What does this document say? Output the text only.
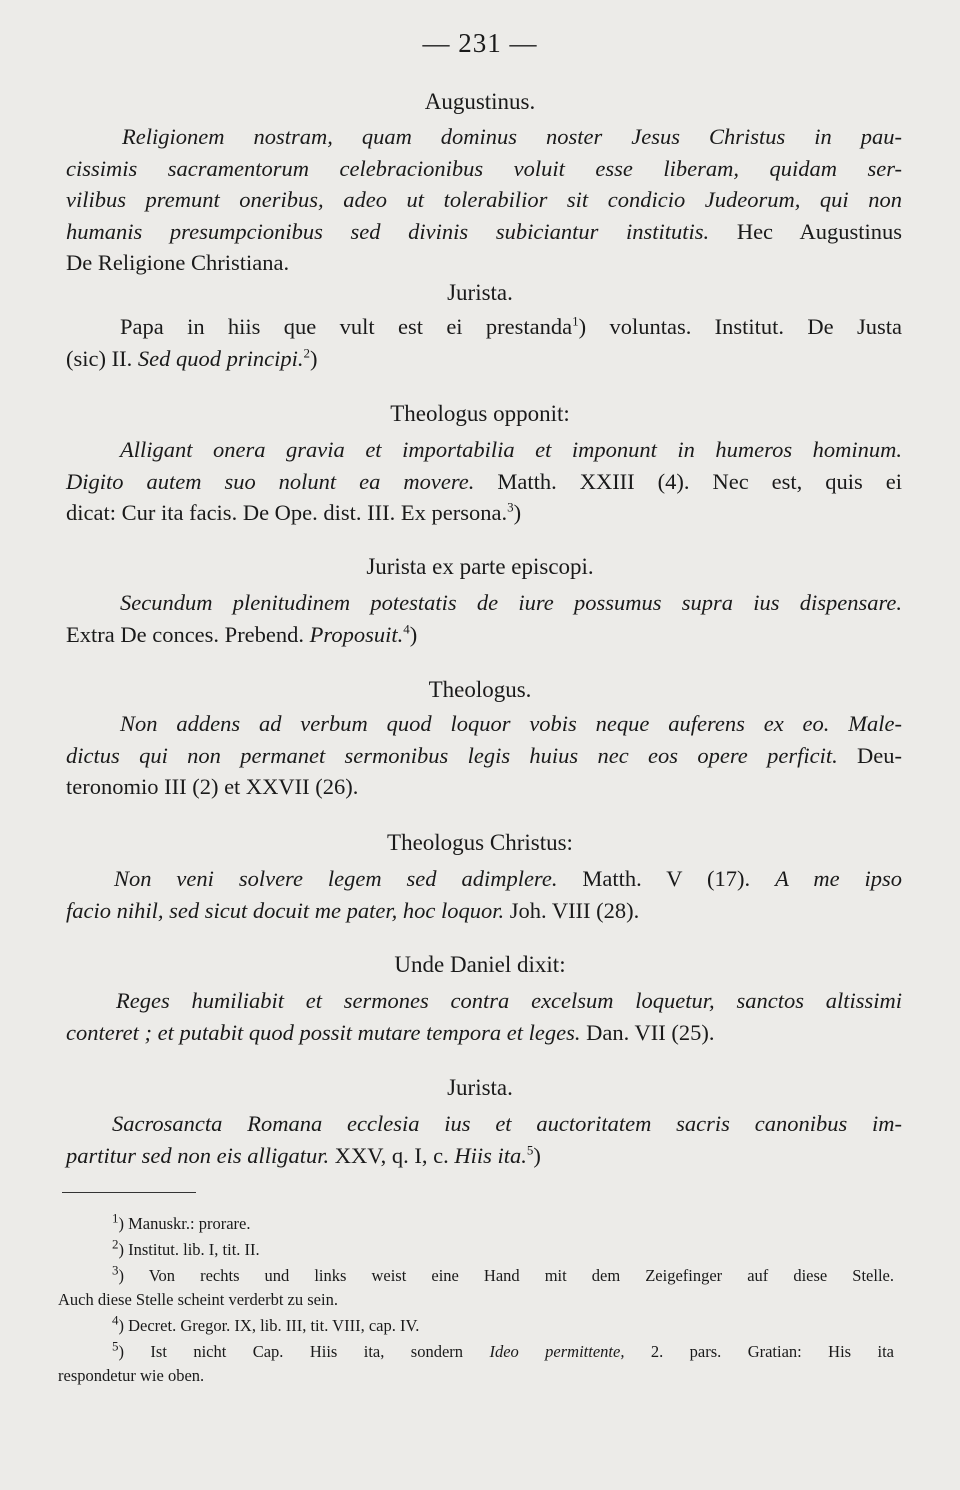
— 231 —
Augustinus.
Religionem nostram, quam dominus noster Jesus Christus in pau-
cissimis sacramentorum celebracionibus voluit esse liberam, quidam ser-
vilibus premunt oneribus, adeo ut tolerabilior sit condicio Judeorum, qui non
humanis presumpcionibus sed divinis subiciantur institutis. Hec Augustinus
De Religione Christiana.
Jurista.
Papa in hiis que vult est ei prestanda$^1$) voluntas. Institut. De Justa
(sic) II. Sed quod principi.$^2$)
Theologus opponit:
Alligant onera gravia et importabilia et imponunt in humeros hominum.
Digito autem suo nolunt ea movere. Matth. XXIII (4). Nec est, quis ei
dicat: Cur ita facis. De Ope. dist. III. Ex persona.$^3$)
Jurista ex parte episcopi.
Secundum plenitudinem potestatis de iure possumus supra ius dispensare.
Extra De conces. Prebend. Proposuit.$^4$)
Theologus.
Non addens ad verbum quod loquor vobis neque auferens ex eo. Male-
dictus qui non permanet sermonibus legis huius nec eos opere perficit. Deu-
teronomio III (2) et XXVII (26).
Theologus Christus:
Non veni solvere legem sed adimplere. Matth. V (17). A me ipso
facio nihil, sed sicut docuit me pater, hoc loquor. Joh. VIII (28).
Unde Daniel dixit:
Reges humiliabit et sermones contra excelsum loquetur, sanctos altissimi
conteret ; et putabit quod possit mutare tempora et leges. Dan. VII (25).
Jurista.
Sacrosancta Romana ecclesia ius et auctoritatem sacris canonibus im-
partitur sed non eis alligatur. XXV, q. I, c. Hiis ita.$^5$)
$^1$) Manuskr.: prorare.
$^2$) Institut. lib. I, tit. II.
$^3$) Von rechts und links weist eine Hand mit dem Zeigefinger auf diese Stelle.
Auch diese Stelle scheint verderbt zu sein.
$^4$) Decret. Gregor. IX, lib. III, tit. VIII, cap. IV.
$^5$) Ist nicht Cap. Hiis ita, sondern Ideo permittente, 2. pars. Gratian: His ita
respondetur wie oben.
